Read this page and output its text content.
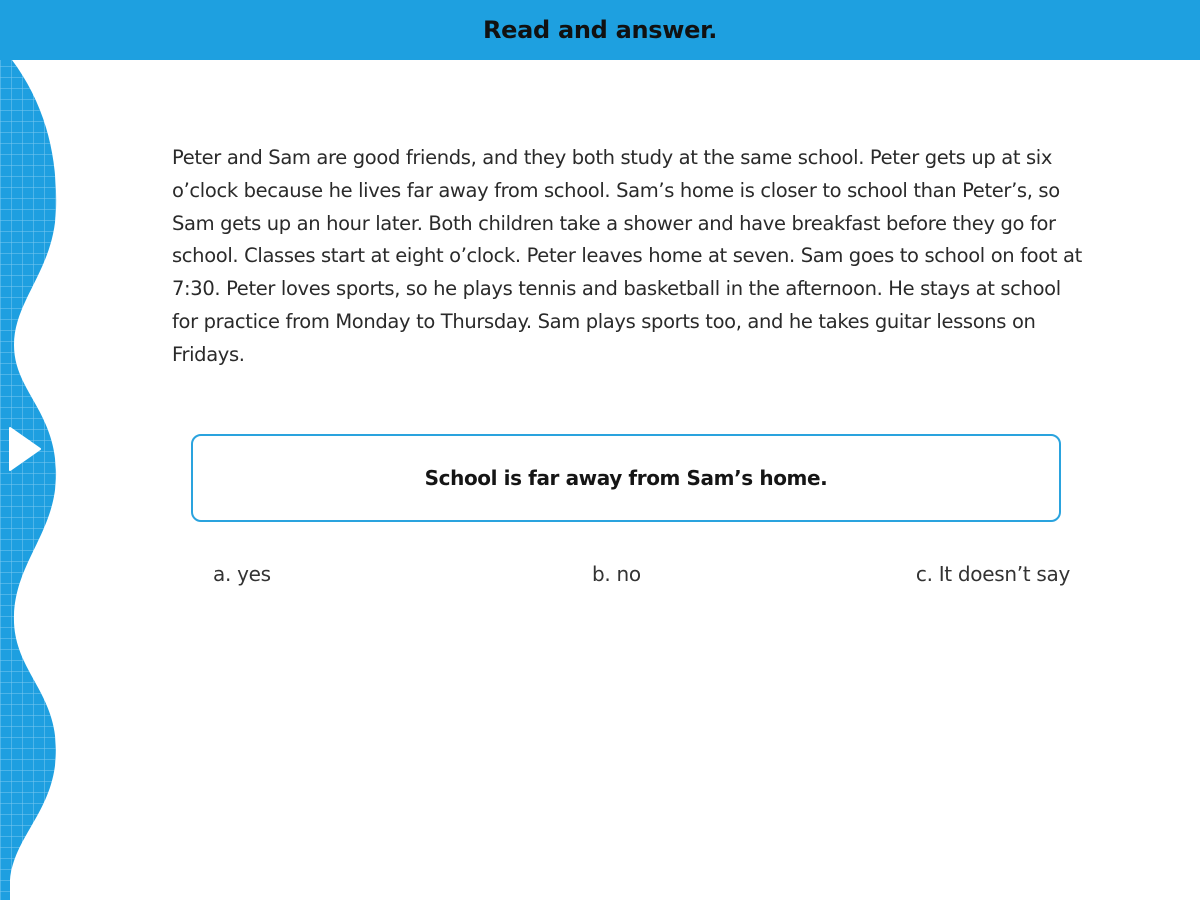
Read and answer.

Peter and Sam are good friends, and they both study at the same school. Peter gets up at six o’clock because he lives far away from school. Sam’s home is closer to school than Peter’s, so Sam gets up an hour later. Both children take a shower and have breakfast before they go for school. Classes start at eight o’clock. Peter leaves home at seven. Sam goes to school on foot at 7:30. Peter loves sports, so he plays tennis and basketball in the afternoon. He stays at school for practice from Monday to Thursday. Sam plays sports too, and he takes guitar lessons on Fridays.

School is far away from Sam’s home.
a. yes	b. no	c. It doesn’t say
